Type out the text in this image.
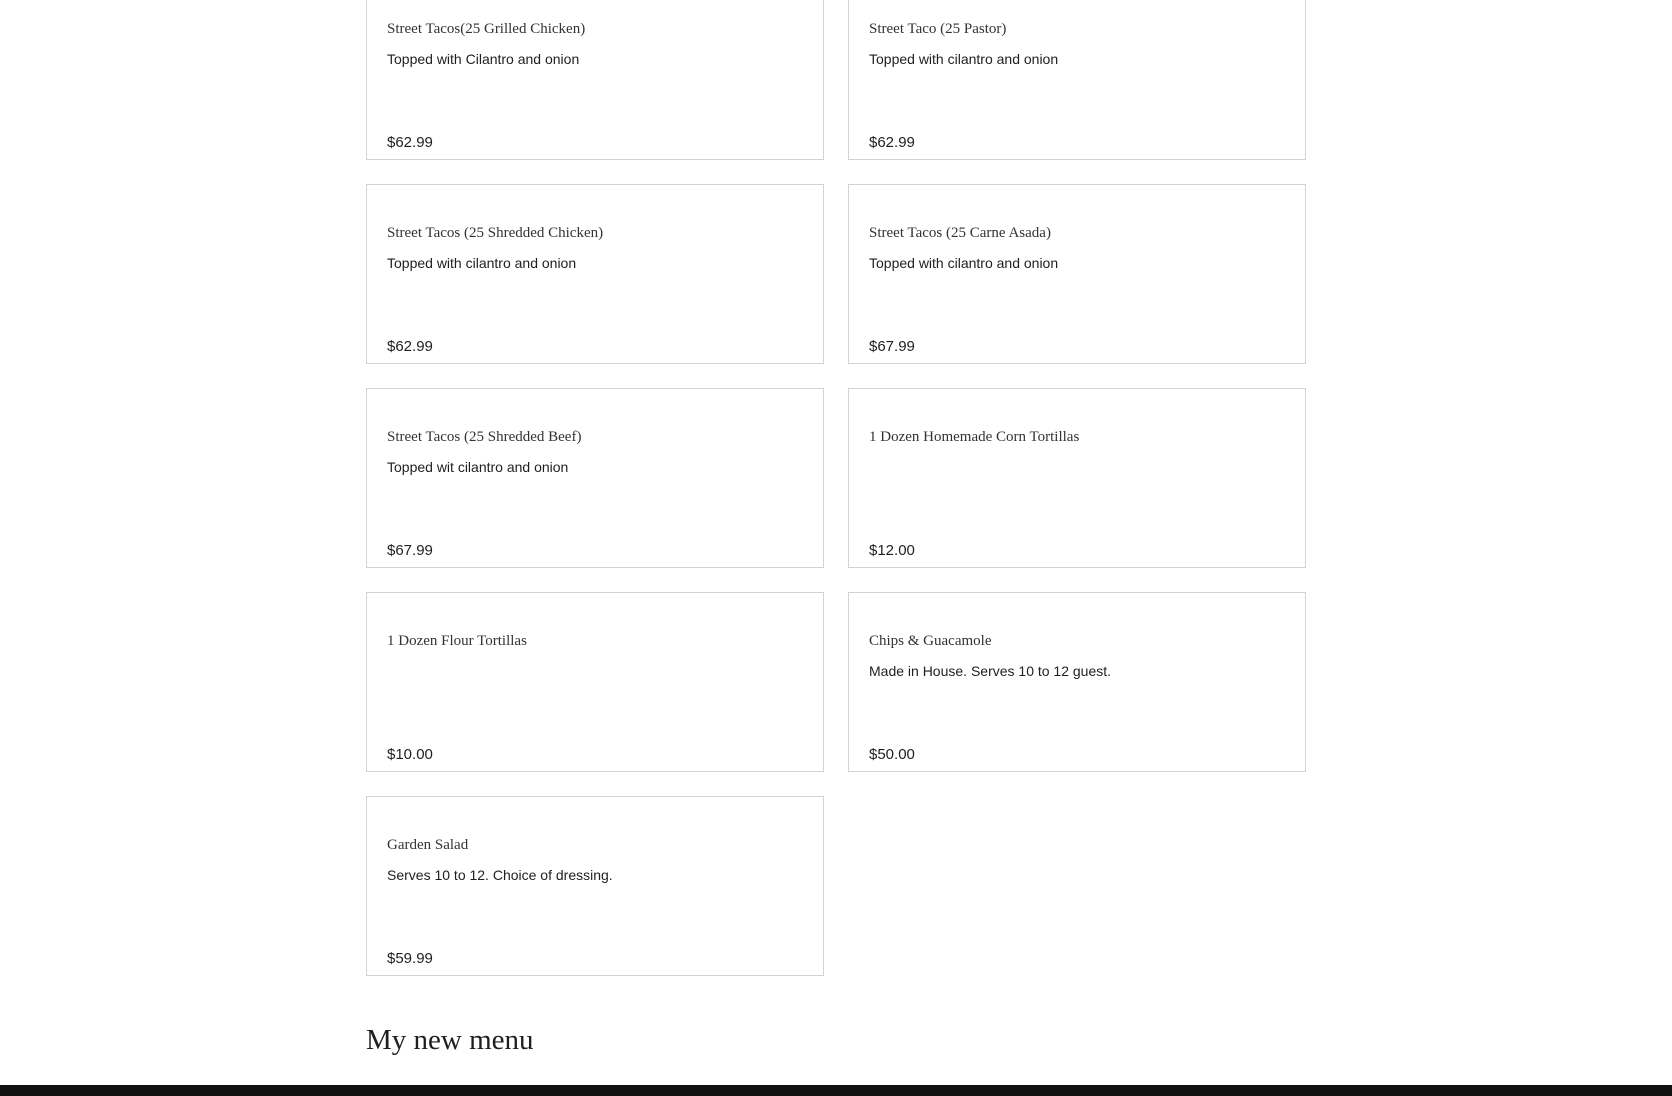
Street Tacos(25 Grilled Chicken)
Topped with Cilantro and onion
$62.99
Street Taco (25 Pastor)
Topped with cilantro and onion
$62.99
Street Tacos (25 Shredded Chicken)
Topped with cilantro and onion
$62.99
Street Tacos (25 Carne Asada)
Topped with cilantro and onion
$67.99
Street Tacos (25 Shredded Beef)
Topped wit cilantro and onion
$67.99
1 Dozen Homemade Corn Tortillas
$12.00
1 Dozen Flour Tortillas
$10.00
Chips & Guacamole
Made in House. Serves 10 to 12 guest.
$50.00
Garden Salad
Serves 10 to 12. Choice of dressing.
$59.99
My new menu
